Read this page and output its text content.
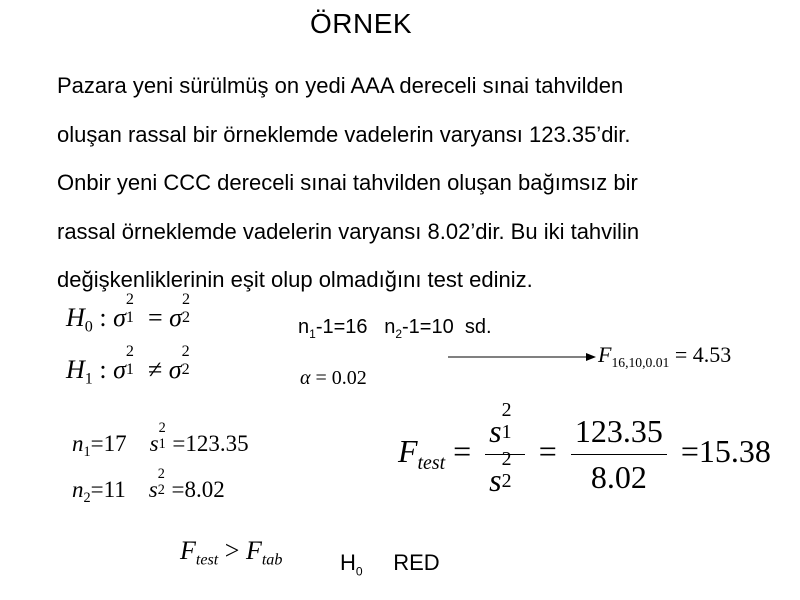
ÖRNEK
Pazara yeni sürülmüş on yedi AAA dereceli sınai tahvilden
oluşan rassal bir örneklemde vadelerin varyansı 123.35’dir.
Onbir yeni CCC dereceli sınai tahvilden oluşan bağımsız bir
rassal örneklemde vadelerin varyansı 8.02’dir. Bu iki tahvilin
değişkenliklerinin eşit olup olmadığını test ediniz.
$H_0$ : σ
2
1 = σ
2
2
$H_1$ : σ
2
1 ≠ σ
2
2
$n_1-1=16$ $n_2-1=10$ sd.
α = 0.02
$F_{16,10,0.01} = 4.53$
$n_1=17$ s
2
1 =123.35
$n_2=11$ s
2
2 =8.02
$F_{test} = s$
2
1
s
2
$2 = \frac{123.35}{8.02} =15.38$
$F_{test} > F_{tab}$	$H_0$ RED
